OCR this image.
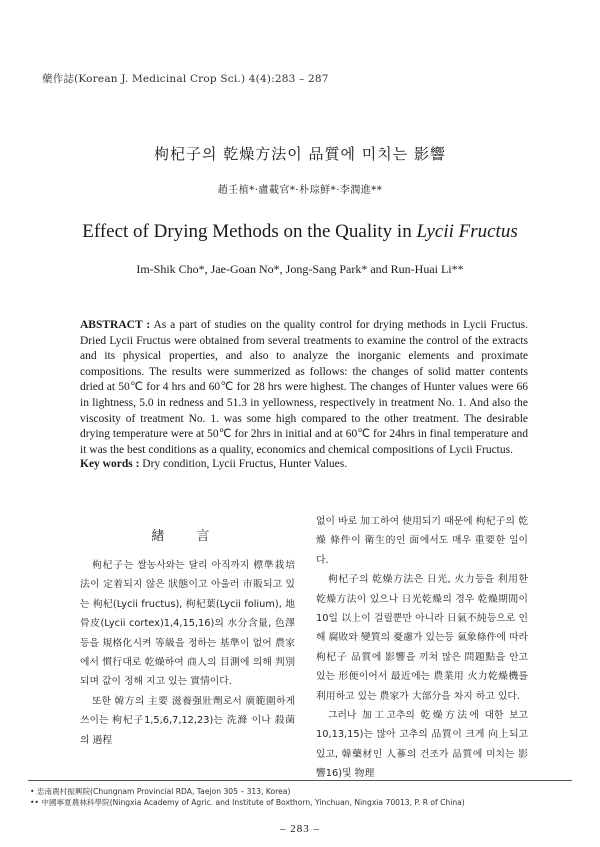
藥作誌(Korean J. Medicinal Crop Sci.) 4(4):283 – 287
枸杞子의 乾燥方法이 品質에 미치는 影響
趙壬植*·盧載官*·朴琮鮮*·李潤進**
Effect of Drying Methods on the Quality in Lycii Fructus
Im-Shik Cho*, Jae-Goan No*, Jong-Sang Park* and Run-Huai Li**
ABSTRACT : As a part of studies on the quality control for drying methods in Lycii Fructus. Dried Lycii Fructus were obtained from several treatments to examine the control of the extracts and its physical properties, and also to analyze the inorganic elements and proximate compositions. The results were summerized as follows: the changes of solid matter contents dried at 50℃ for 4 hrs and 60℃ for 28 hrs were highest. The changes of Hunter values were 66 in lightness, 5.0 in redness and 51.3 in yellowness, respectively in treatment No. 1. And also the viscosity of treatment No. 1. was some high compared to the other treatment. The desirable drying temperature were at 50℃ for 2hrs in initial and at 60℃ for 24hrs in final temperature and it was the best conditions as a quality, economics and chemical compositions of Lycii Fructus.
Key words : Dry condition, Lycii Fructus, Hunter Values.
緖 言

枸杞子는 쌀농사와는 달리 아직까지 標準栽培法이 定着되지 않은 狀態이고 아울러 市販되고 있는 枸杞(Lycii fructus), 枸杞葉(Lycii folium), 地骨皮(Lycii cortex)1,4,15,16)의 水分含量, 色澤 등을 規格化시켜 等級을 정하는 基準이 없어 農家에서 慣行대로 乾燥하여 商人의 目測에 의해 判別되며 값이 정해 지고 있는 實情이다.

또한 韓方의 主要 滋養强壯劑로서 廣範圍하게 쓰이는 枸杞子1,5,6,7,12,23)는 洗滌 이나 殺菌의 過程

없이 바로 加工하여 使用되기 때문에 枸杞子의 乾燥 條件이 衛生的인 面에서도 매우 重要한 일이다.

枸杞子의 乾燥方法은 日光, 火力등을 利用한 乾燥方法이 있으나 日光乾燥의 경우 乾燥期間이 10일 以上이 걸릴뿐만 아니라 日氣不純등으로 인해 腐敗와 變質의 憂慮가 있는등 氣象條件에 따라 枸杞子 品質에 影響을 끼쳐 많은 問題點을 안고 있는 形便이어서 最近에는 農業用 火力乾燥機를 利用하고 있는 農家가 大部分을 차지 하고 있다.

그러나 加工고추의 乾燥方法에 대한 보고10,13,15)는 많아 고추의 品質이 크게 向上되고 있고, 韓藥材인 人蔘의 건조가 品質에 미치는 影響16)및 物理

• 忠南農村振興院(Chungnam Provincial RDA, Taejon 305 – 313, Korea)
•• 中國寧夏農林科學院(Ningxia Academy of Agric. and Institute of Boxthorn, Yinchuan, Ningxia 70013, P. R of China)
– 283 –
